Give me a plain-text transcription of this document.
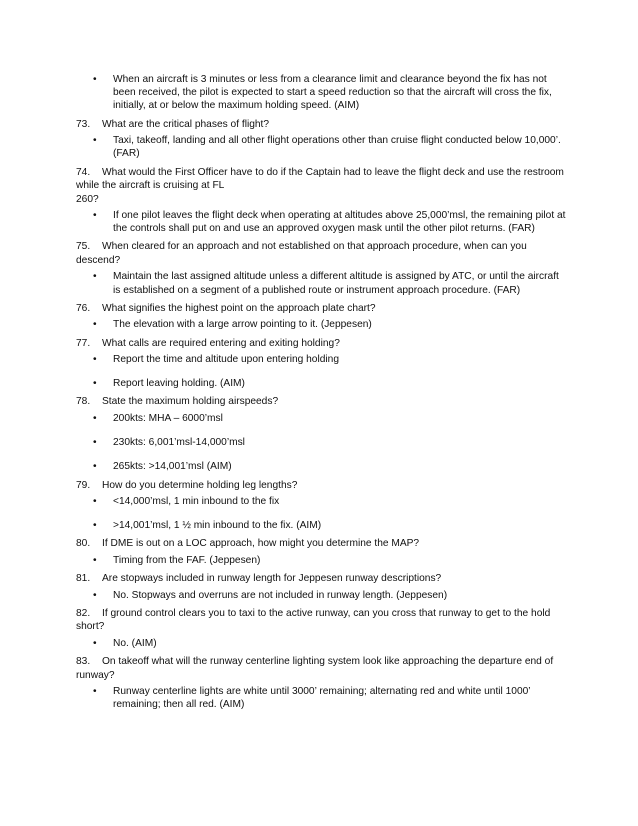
• When an aircraft is 3 minutes or less from a clearance limit and clearance beyond the fix has not been received, the pilot is expected to start a speed reduction so that the aircraft will cross the fix, initially, at or below the maximum holding speed. (AIM)
73. What are the critical phases of flight?
• Taxi, takeoff, landing and all other flight operations other than cruise flight conducted below 10,000’. (FAR)
74. What would the First Officer have to do if the Captain had to leave the flight deck and use the restroom while the aircraft is cruising at FL
260?
• If one pilot leaves the flight deck when operating at altitudes above 25,000’msl, the remaining pilot at the controls shall put on and use an approved oxygen mask until the other pilot returns. (FAR)
75. When cleared for an approach and not established on that approach procedure, when can you descend?
• Maintain the last assigned altitude unless a different altitude is assigned by ATC, or until the aircraft is established on a segment of a published route or instrument approach procedure. (FAR)
76. What signifies the highest point on the approach plate chart?
• The elevation with a large arrow pointing to it. (Jeppesen)
77. What calls are required entering and exiting holding?
• Report the time and altitude upon entering holding
• Report leaving holding. (AIM)
78. State the maximum holding airspeeds?
• 200kts: MHA – 6000’msl
• 230kts: 6,001’msl-14,000’msl
• 265kts: >14,001’msl (AIM)
79. How do you determine holding leg lengths?
• <14,000’msl, 1 min inbound to the fix
• >14,001’msl, 1 ½ min inbound to the fix. (AIM)
80. If DME is out on a LOC approach, how might you determine the MAP?
• Timing from the FAF. (Jeppesen)
81. Are stopways included in runway length for Jeppesen runway descriptions?
• No. Stopways and overruns are not included in runway length. (Jeppesen)
82. If ground control clears you to taxi to the active runway, can you cross that runway to get to the hold short?
• No. (AIM)
83. On takeoff what will the runway centerline lighting system look like approaching the departure end of runway?
• Runway centerline lights are white until 3000’ remaining; alternating red and white until 1000’ remaining; then all red. (AIM)
